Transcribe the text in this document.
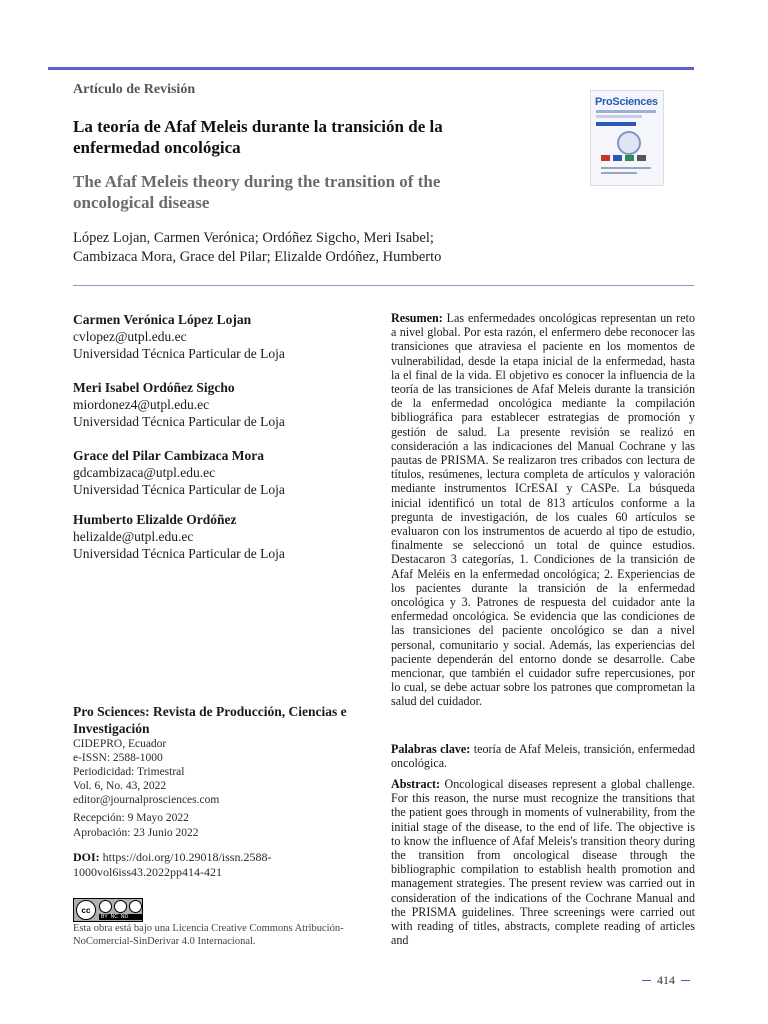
Artículo de Revisión
La teoría de Afaf Meleis durante la transición de la enfermedad oncológica
The Afaf Meleis theory during the transition of the oncological disease
López Lojan, Carmen Verónica; Ordóñez Sigcho, Meri Isabel; Cambizaca Mora, Grace del Pilar; Elizalde Ordóñez, Humberto
ProSciences
Carmen Verónica López Lojan
cvlopez@utpl.edu.ec
Universidad Técnica Particular de Loja
Meri Isabel Ordóñez Sigcho
miordonez4@utpl.edu.ec
Universidad Técnica Particular de Loja
Grace del Pilar Cambizaca Mora
gdcambizaca@utpl.edu.ec
Universidad Técnica Particular de Loja
Humberto Elizalde Ordóñez
helizalde@utpl.edu.ec
Universidad Técnica Particular de Loja
Pro Sciences: Revista de Producción, Ciencias e Investigación
CIDEPRO, Ecuador
e-ISSN: 2588-1000
Periodicidad: Trimestral
Vol. 6, No. 43, 2022
editor@journalprosciences.com
Recepción: 9 Mayo 2022
Aprobación: 23 Junio 2022
DOI: https://doi.org/10.29018/issn.2588-1000vol6iss43.2022pp414-421
cc
BY NC ND
Esta obra está bajo una Licencia Creative Commons Atribución-NoComercial-SinDerivar 4.0 Internacional.
Resumen: Las enfermedades oncológicas representan un reto a nivel global. Por esta razón, el enfermero debe reconocer las transiciones que atraviesa el paciente en los momentos de vulnerabilidad, desde la etapa inicial de la enfermedad, hasta la el final de la vida. El objetivo es conocer la influencia de la teoría de las transiciones de Afaf Meleis durante la transición de la enfermedad oncológica mediante la compilación bibliográfica para establecer estrategias de promoción y gestión de salud. La presente revisión se realizó en consideración a las indicaciones del Manual Cochrane y las pautas de PRISMA. Se realizaron tres cribados con lectura de títulos, resúmenes, lectura completa de artículos y valoración mediante instrumentos ICrESAI y CASPe. La búsqueda inicial identificó un total de 813 artículos conforme a la pregunta de investigación, de los cuales 60 artículos se evaluaron con los instrumentos de acuerdo al tipo de estudio, finalmente se seleccionó un total de quince estudios. Destacaron 3 categorías, 1. Condiciones de la transición de Afaf Meléis en la enfermedad oncológica; 2. Experiencias de los pacientes durante la transición de la enfermedad oncológica y 3. Patrones de respuesta del cuidador ante la enfermedad oncológica. Se evidencia que las condiciones de las transiciones del paciente oncológico se dan a nivel personal, comunitario y social. Además, las experiencias del paciente dependerán del entorno donde se desarrolle. Cabe mencionar, que también el cuidador sufre repercusiones, por lo cual, se debe actuar sobre los patrones que comprometan la salud del cuidador.
Palabras clave: teoría de Afaf Meleis, transición, enfermedad oncológica.
Abstract: Oncological diseases represent a global challenge. For this reason, the nurse must recognize the transitions that the patient goes through in moments of vulnerability, from the initial stage of the disease, to the end of life. The objective is to know the influence of Afaf Meleis's transition theory during the transition from oncological disease through the bibliographic compilation to establish health promotion and management strategies. The present review was carried out in consideration of the indications of the Cochrane Manual and the PRISMA guidelines. Three screenings were carried out with reading of titles, abstracts, complete reading of articles and
414
